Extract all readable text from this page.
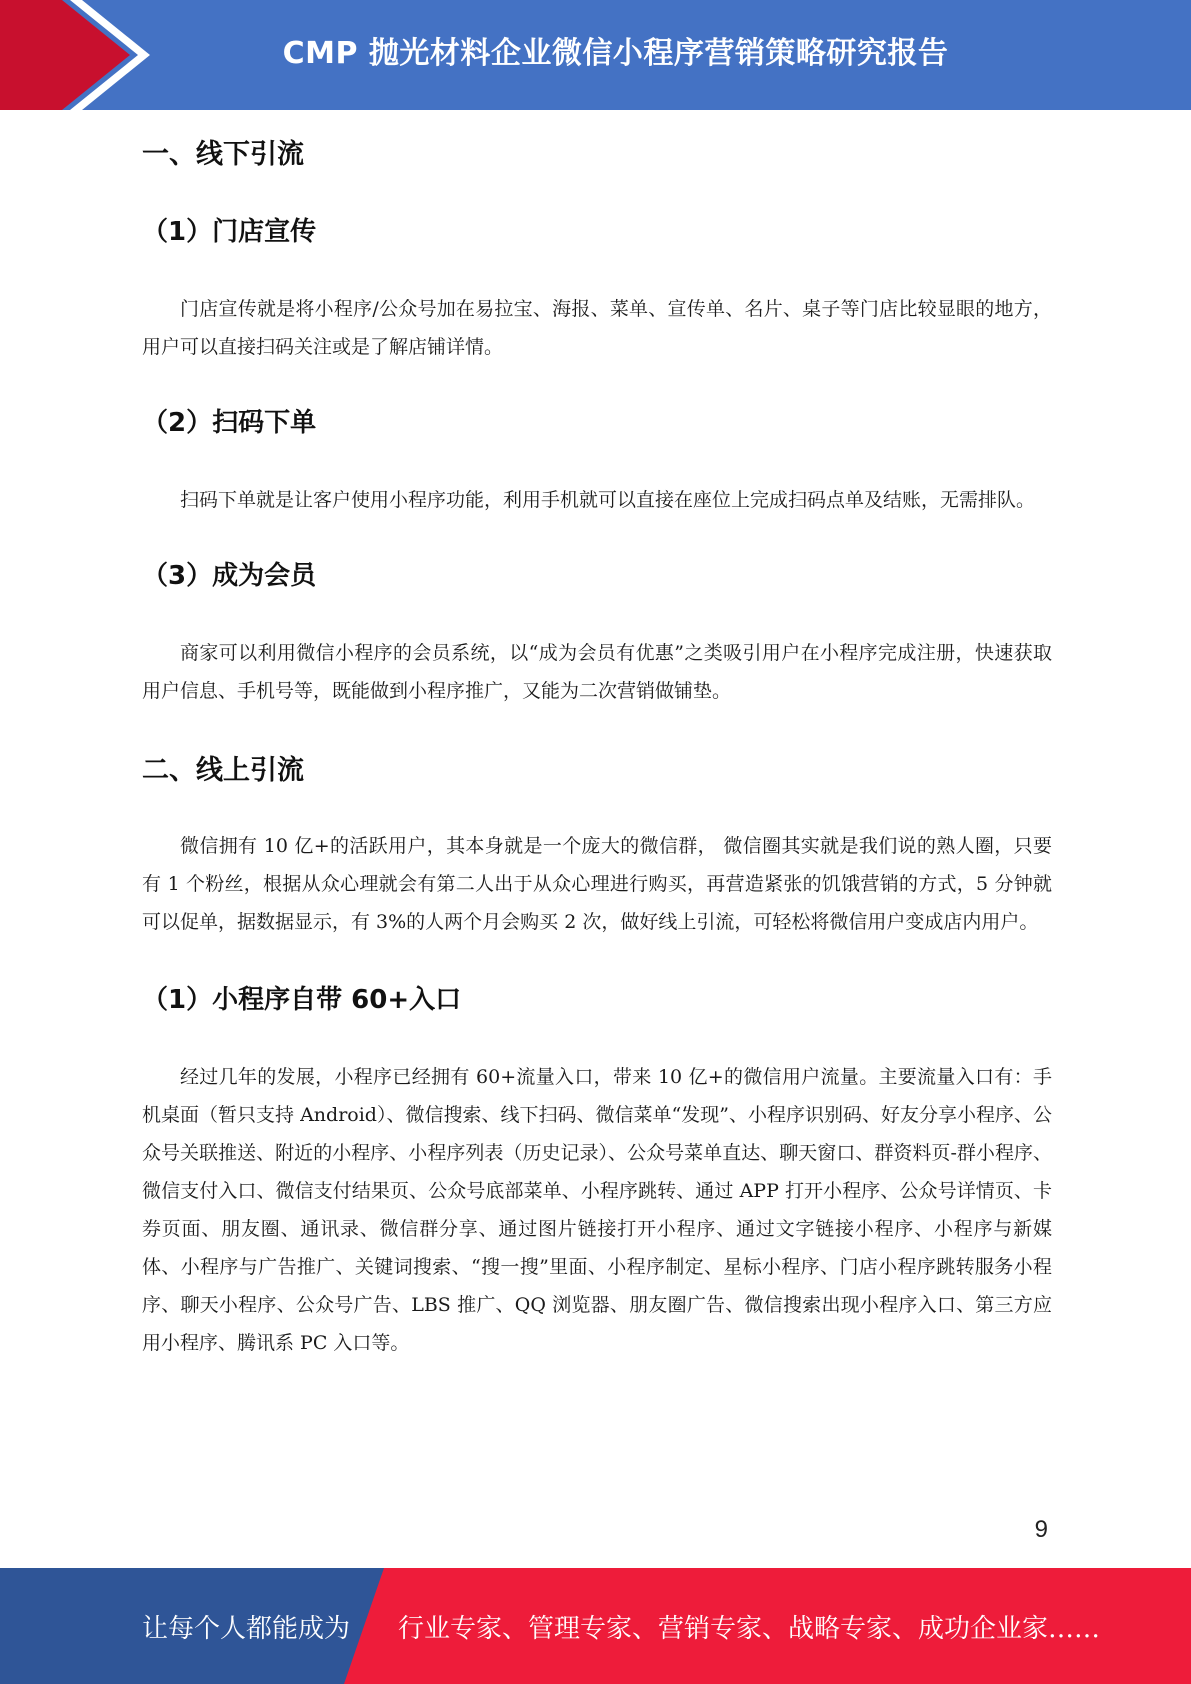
CMP 抛光材料企业微信小程序营销策略研究报告
一、线下引流
（1）门店宣传

门店宣传就是将小程序/公众号加在易拉宝、海报、菜单、宣传单、名片、桌子等门店比较显眼的地方，用户可以直接扫码关注或是了解店铺详情。

（2）扫码下单

扫码下单就是让客户使用小程序功能，利用手机就可以直接在座位上完成扫码点单及结账，无需排队。

（3）成为会员

商家可以利用微信小程序的会员系统，以“成为会员有优惠”之类吸引用户在小程序完成注册，快速获取用户信息、手机号等，既能做到小程序推广，又能为二次营销做铺垫。

二、线上引流

微信拥有 10 亿+的活跃用户，其本身就是一个庞大的微信群， 微信圈其实就是我们说的熟人圈，只要有 1 个粉丝，根据从众心理就会有第二人出于从众心理进行购买，再营造紧张的饥饿营销的方式，5 分钟就可以促单，据数据显示，有 3%的人两个月会购买 2 次，做好线上引流，可轻松将微信用户变成店内用户。

（1）小程序自带 60+入口

经过几年的发展，小程序已经拥有 60+流量入口，带来 10 亿+的微信用户流量。主要流量入口有：手机桌面（暂只支持 Android）、微信搜索、线下扫码、微信菜单“发现”、小程序识别码、好友分享小程序、公众号关联推送、附近的小程序、小程序列表（历史记录）、公众号菜单直达、聊天窗口、群资料页-群小程序、微信支付入口、微信支付结果页、公众号底部菜单、小程序跳转、通过 APP 打开小程序、公众号详情页、卡券页面、朋友圈、通讯录、微信群分享、通过图片链接打开小程序、通过文字链接小程序、小程序与新媒体、小程序与广告推广、关键词搜索、“搜一搜”里面、小程序制定、星标小程序、门店小程序跳转服务小程序、聊天小程序、公众号广告、LBS 推广、QQ 浏览器、朋友圈广告、微信搜索出现小程序入口、第三方应用小程序、腾讯系 PC 入口等。

9
让每个人都能成为 行业专家、管理专家、营销专家、战略专家、成功企业家……
